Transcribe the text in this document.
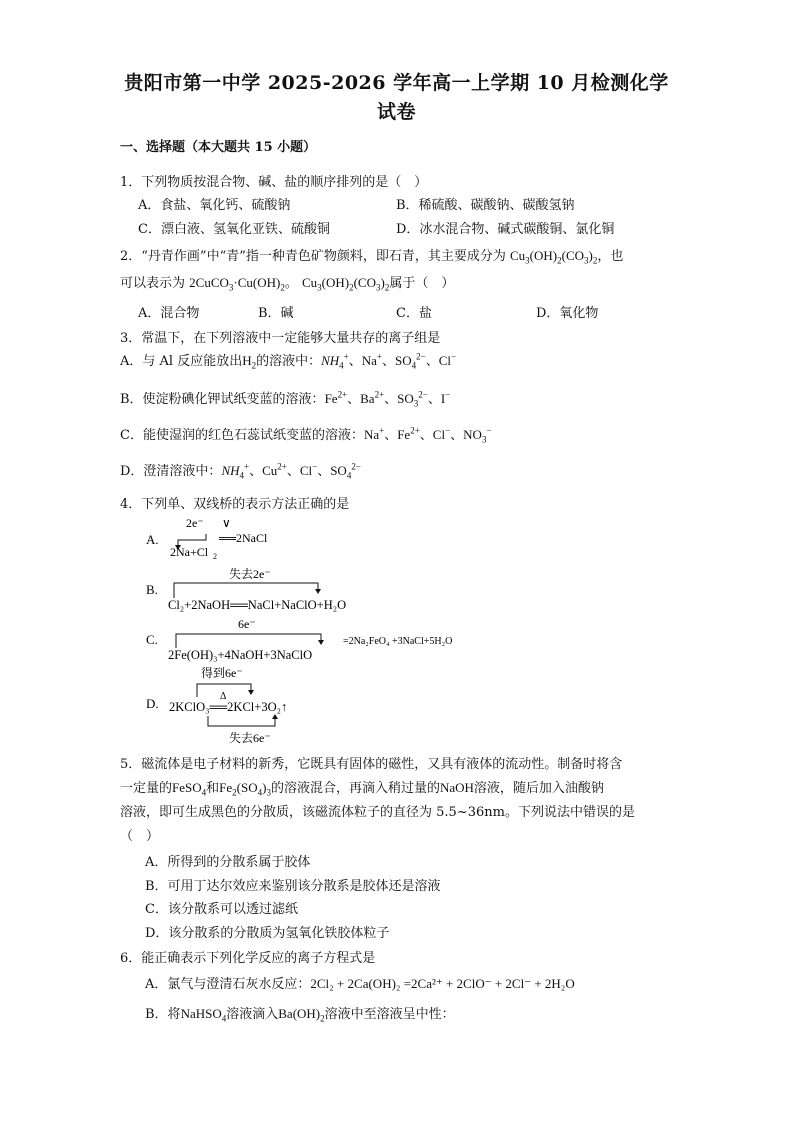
贵阳市第一中学 2025-2026 学年高一上学期 10 月检测化学
试卷
一、选择题（本大题共 15 小题）
1．下列物质按混合物、碱、盐的顺序排列的是（　）
A．食盐、氧化钙、硫酸钠	B．稀硫酸、碳酸钠、碳酸氢钠
C．漂白液、氢氧化亚铁、硫酸铜	D．冰水混合物、碱式碳酸铜、氯化铜
2．“丹青作画”中“青”指一种青色矿物颜料，即石青，其主要成分为 $Cu_3(OH)_2(CO_3)_2$，也
可以表示为 $2CuCO_3\cdot Cu(OH)_2$。 $Cu_3(OH)_2(CO_3)_2$属于（　）
A．混合物	B．碱	C．盐	D．氧化物
3．常温下，在下列溶液中一定能够大量共存的离子组是
A．与 Al 反应能放出$H_2$的溶液中：$NH_4^+$、Na+、$SO_4^{2-}$、Cl−
B．使淀粉碘化钾试纸变蓝的溶液：$Fe^{2+}$、$Ba^{2+}$、$SO_3^{2-}$、I−
C．能使湿润的红色石蕊试纸变蓝的溶液：Na+、$Fe^{2+}$、Cl−、$NO_3^-$
D．澄清溶液中：$NH_4^+$、$Cu^{2+}$、Cl−、$SO_4^{2-}$
4．下列单、双线桥的表示方法正确的是
A.
2e⁻ ∨
══2NaCl
2Na+Cl 2
B.
失去2e⁻
Cl₂+2NaOH══NaCl+NaClO+H₂O
C.
6e⁻
2Fe(OH)₃+4NaOH+3NaClO
=2Na₂FeO₄ +3NaCl+5H₂O
D.
得到6e⁻
Δ
2KClO₃══2KCl+3O₂↑
失去6e⁻
5．磁流体是电子材料的新秀，它既具有固体的磁性，又具有液体的流动性。制备时将含
一定量的FeSO$_4$和$Fe_2(SO_4)_3$的溶液混合，再滴入稍过量的NaOH溶液，随后加入油酸钠
溶液，即可生成黑色的分散质，该磁流体粒子的直径为 5.5~36nm。下列说法中错误的是
（　）
A．所得到的分散系属于胶体
B．可用丁达尔效应来鉴别该分散系是胶体还是溶液
C．该分散系可以透过滤纸
D．该分散系的分散质为氢氧化铁胶体粒子
6．能正确表示下列化学反应的离子方程式是
A．氯气与澄清石灰水反应：2Cl₂ + 2Ca(OH)₂ =2Ca²⁺ + 2ClO⁻ + 2Cl⁻ + 2H₂O
B．将NaHSO$_4$溶液滴入$Ba(OH)_2$溶液中至溶液呈中性：
